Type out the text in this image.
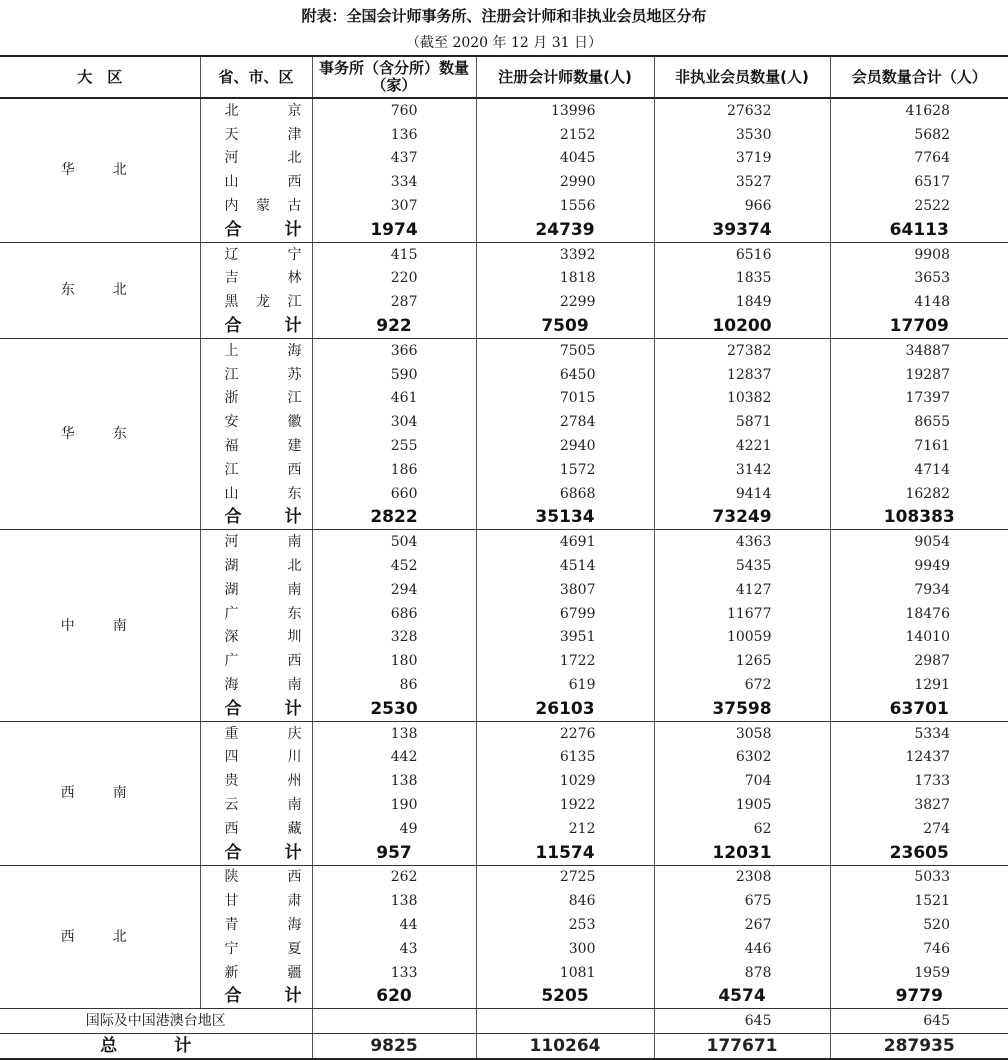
附表：全国会计师事务所、注册会计师和非执业会员地区分布
（截至 2020 年 12 月 31 日）
大　区	省、市、区	事务所（含分所）数量（家）	注册会计师数量(人)	非执业会员数量(人)	会员数量合计（人）
华　北	北　京	760	13996	27632	41628
	天　津	136	2152	3530	5682
	河　北	437	4045	3719	7764
	山　西	334	2990	3527	6517
	内蒙古	307	1556	966	2522
	合　计	1974	24739	39374	64113
东　北	辽　宁	415	3392	6516	9908
	吉　林	220	1818	1835	3653
	黑龙江	287	2299	1849	4148
	合　计	922	7509	10200	17709
华　东	上　海	366	7505	27382	34887
	江　苏	590	6450	12837	19287
	浙　江	461	7015	10382	17397
	安　徽	304	2784	5871	8655
	福　建	255	2940	4221	7161
	江　西	186	1572	3142	4714
	山　东	660	6868	9414	16282
	合　计	2822	35134	73249	108383
中　南	河　南	504	4691	4363	9054
	湖　北	452	4514	5435	9949
	湖　南	294	3807	4127	7934
	广　东	686	6799	11677	18476
	深　圳	328	3951	10059	14010
	广　西	180	1722	1265	2987
	海　南	86	619	672	1291
	合　计	2530	26103	37598	63701
西　南	重　庆	138	2276	3058	5334
	四　川	442	6135	6302	12437
	贵　州	138	1029	704	1733
	云　南	190	1922	1905	3827
	西　藏	49	212	62	274
	合　计	957	11574	12031	23605
西　北	陕　西	262	2725	2308	5033
	甘　肃	138	846	675	1521
	青　海	44	253	267	520
	宁　夏	43	300	446	746
	新　疆	133	1081	878	1959
	合　计	620	5205	4574	9779
国际及中国港澳台地区				645	645
总　计		9825	110264	177671	287935
